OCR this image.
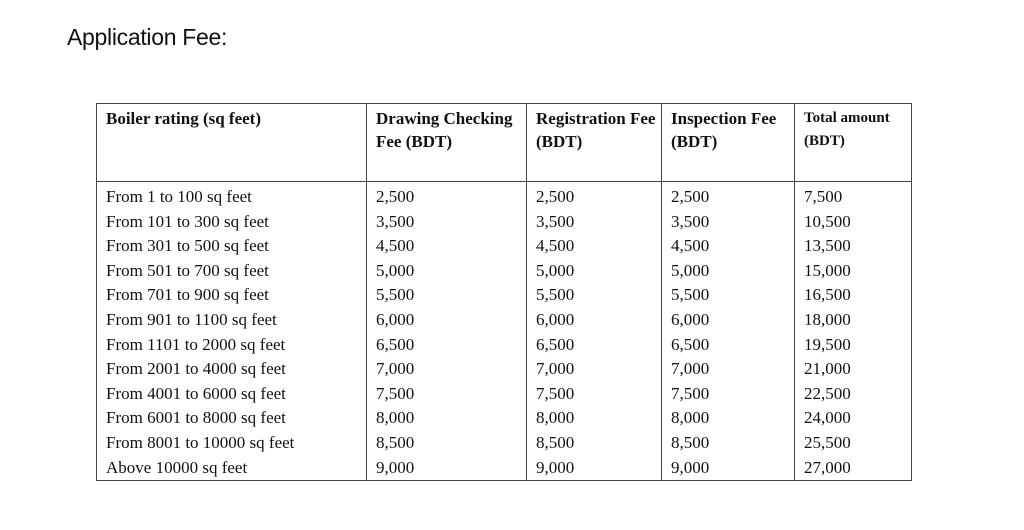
Application Fee:
Boiler rating (sq feet)	Drawing Checking Fee (BDT)	Registration Fee (BDT)	Inspection Fee (BDT)	Total amount (BDT)
From 1 to 100 sq feet	2,500	2,500	2,500	7,500
From 101 to 300 sq feet	3,500	3,500	3,500	10,500
From 301 to 500 sq feet	4,500	4,500	4,500	13,500
From 501 to 700 sq feet	5,000	5,000	5,000	15,000
From 701 to 900 sq feet	5,500	5,500	5,500	16,500
From 901 to 1100 sq feet	6,000	6,000	6,000	18,000
From 1101 to 2000 sq feet	6,500	6,500	6,500	19,500
From 2001 to 4000 sq feet	7,000	7,000	7,000	21,000
From 4001 to 6000 sq feet	7,500	7,500	7,500	22,500
From 6001 to 8000 sq feet	8,000	8,000	8,000	24,000
From 8001 to 10000 sq feet	8,500	8,500	8,500	25,500
Above 10000 sq feet	9,000	9,000	9,000	27,000
